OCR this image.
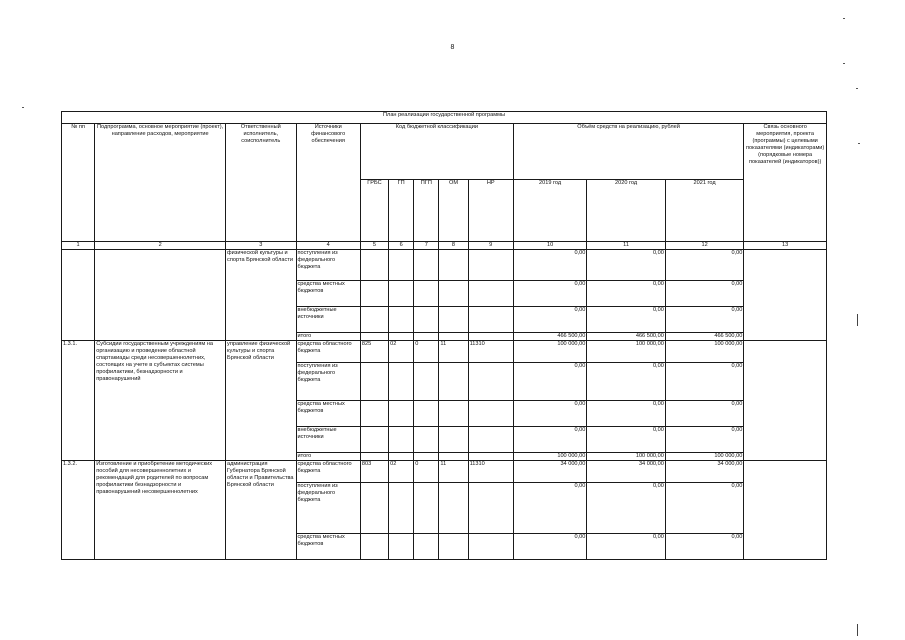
8
План реализации государственной программы												
№ пп	Подпрограмма, основное мероприятие (проект), направление расходов, мероприятие	Ответственный исполнитель, соисполнитель	Источники финансового обеспечения	Код бюджетной классификации					Объём средств на реализацию, рублей			Связь основного мероприятия, проекта (программы) с целевыми показателями (индикаторами) (порядковые номера показателей (индикаторов))
				ГРБС	ГП	ПГП	ОМ	НР	2019 год	2020 год	2021 год	
1	2	3	4	5	6	7	8	9	10	11	12	13
		физической культуры и спорта Брянской области	поступления из федерального бюджета						0,00	0,00	0,00	
			средства местных бюджетов						0,00	0,00	0,00	
			внебюджетные источники						0,00	0,00	0,00	
			итого						466 500,00	466 500,00	466 500,00	
1.3.1.	Субсидии государственным учреждениям на организацию и проведение областной спартакиады среди несовершеннолетних, состоящих на учете в субъектах системы профилактики, безнадзорности и правонарушений	управление физической культуры и спорта Брянской области	средства областного бюджета	825	02	0	11	11310	100 000,00	100 000,00	100 000,00	
			поступления из федерального бюджета						0,00	0,00	0,00	
			средства местных бюджетов						0,00	0,00	0,00	
			внебюджетные источники						0,00	0,00	0,00	
			итого						100 000,00	100 000,00	100 000,00	
1.3.2.	Изготовление и приобретение методических пособий для несовершеннолетних и рекомендаций для родителей по вопросам профилактики безнадзорности и правонарушений несовершеннолетних	администрация Губернатора Брянской области и Правительства Брянской области	средства областного бюджета	803	02	0	11	11310	34 000,00	34 000,00	34 000,00	
			поступления из федерального бюджета						0,00	0,00	0,00	
			средства местных бюджетов						0,00	0,00	0,00	
